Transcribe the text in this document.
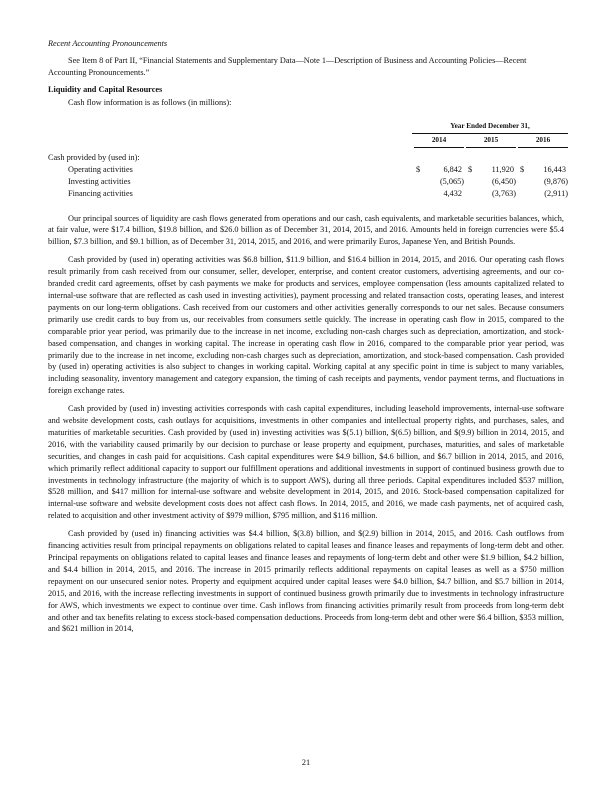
Recent Accounting Pronouncements

See Item 8 of Part II, “Financial Statements and Supplementary Data—Note 1—Description of Business and Accounting Policies—Recent Accounting Pronouncements.”

Liquidity and Capital Resources

Cash flow information is as follows (in millions):

Year Ended December 31,
2014	2015	2016
Cash provided by (used in):
Operating activities	$	6,842 $	11,920 $	16,443
Investing activities	(5,065)	(6,450)	(9,876)
Financing activities	4,432	(3,763)	(2,911)

Our principal sources of liquidity are cash flows generated from operations and our cash, cash equivalents, and marketable securities balances, which, at fair value, were $17.4 billion, $19.8 billion, and $26.0 billion as of December 31, 2014, 2015, and 2016. Amounts held in foreign currencies were $5.4 billion, $7.3 billion, and $9.1 billion, as of December 31, 2014, 2015, and 2016, and were primarily Euros, Japanese Yen, and British Pounds.

Cash provided by (used in) operating activities was $6.8 billion, $11.9 billion, and $16.4 billion in 2014, 2015, and 2016. Our operating cash flows result primarily from cash received from our consumer, seller, developer, enterprise, and content creator customers, advertising agreements, and our co-branded credit card agreements, offset by cash payments we make for products and services, employee compensation (less amounts capitalized related to internal-use software that are reflected as cash used in investing activities), payment processing and related transaction costs, operating leases, and interest payments on our long-term obligations. Cash received from our customers and other activities generally corresponds to our net sales. Because consumers primarily use credit cards to buy from us, our receivables from consumers settle quickly. The increase in operating cash flow in 2015, compared to the comparable prior year period, was primarily due to the increase in net income, excluding non-cash charges such as depreciation, amortization, and stock-based compensation, and changes in working capital. The increase in operating cash flow in 2016, compared to the comparable prior year period, was primarily due to the increase in net income, excluding non-cash charges such as depreciation, amortization, and stock-based compensation. Cash provided by (used in) operating activities is also subject to changes in working capital. Working capital at any specific point in time is subject to many variables, including seasonality, inventory management and category expansion, the timing of cash receipts and payments, vendor payment terms, and fluctuations in foreign exchange rates.

Cash provided by (used in) investing activities corresponds with cash capital expenditures, including leasehold improvements, internal-use software and website development costs, cash outlays for acquisitions, investments in other companies and intellectual property rights, and purchases, sales, and maturities of marketable securities. Cash provided by (used in) investing activities was $(5.1) billion, $(6.5) billion, and $(9.9) billion in 2014, 2015, and 2016, with the variability caused primarily by our decision to purchase or lease property and equipment, purchases, maturities, and sales of marketable securities, and changes in cash paid for acquisitions. Cash capital expenditures were $4.9 billion, $4.6 billion, and $6.7 billion in 2014, 2015, and 2016, which primarily reflect additional capacity to support our fulfillment operations and additional investments in support of continued business growth due to investments in technology infrastructure (the majority of which is to support AWS), during all three periods. Capital expenditures included $537 million, $528 million, and $417 million for internal-use software and website development in 2014, 2015, and 2016. Stock-based compensation capitalized for internal-use software and website development costs does not affect cash flows. In 2014, 2015, and 2016, we made cash payments, net of acquired cash, related to acquisition and other investment activity of $979 million, $795 million, and $116 million.

Cash provided by (used in) financing activities was $4.4 billion, $(3.8) billion, and $(2.9) billion in 2014, 2015, and 2016. Cash outflows from financing activities result from principal repayments on obligations related to capital leases and finance leases and repayments of long-term debt and other. Principal repayments on obligations related to capital leases and finance leases and repayments of long-term debt and other were $1.9 billion, $4.2 billion, and $4.4 billion in 2014, 2015, and 2016. The increase in 2015 primarily reflects additional repayments on capital leases as well as a $750 million repayment on our unsecured senior notes. Property and equipment acquired under capital leases were $4.0 billion, $4.7 billion, and $5.7 billion in 2014, 2015, and 2016, with the increase reflecting investments in support of continued business growth primarily due to investments in technology infrastructure for AWS, which investments we expect to continue over time. Cash inflows from financing activities primarily result from proceeds from long-term debt and other and tax benefits relating to excess stock-based compensation deductions. Proceeds from long-term debt and other were $6.4 billion, $353 million, and $621 million in 2014,

21
